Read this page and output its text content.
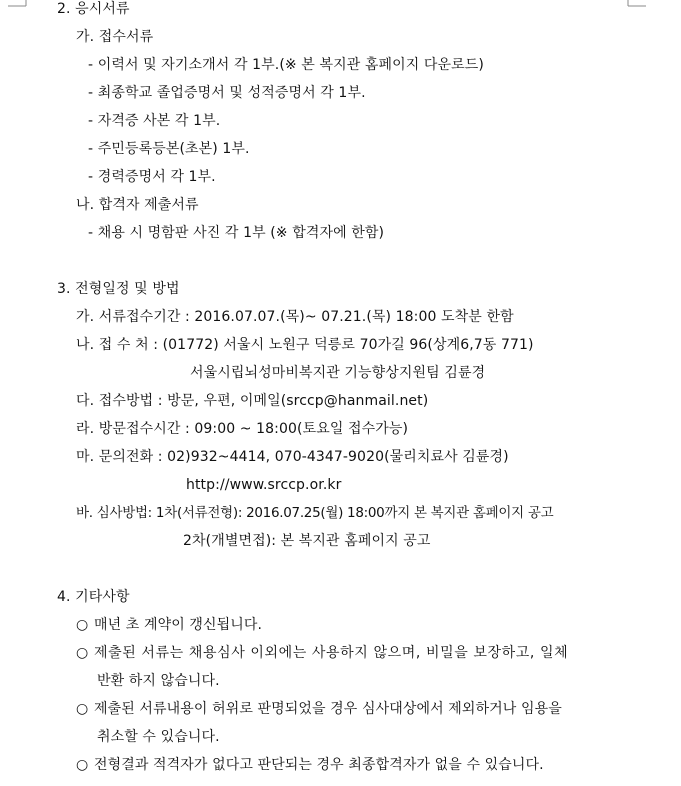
2. 응시서류
가. 접수서류
- 이력서 및 자기소개서 각 1부.(※ 본 복지관 홈페이지 다운로드)
- 최종학교 졸업증명서 및 성적증명서 각 1부.
- 자격증 사본 각 1부.
- 주민등록등본(초본) 1부.
- 경력증명서 각 1부.
나. 합격자 제출서류
- 채용 시 명함판 사진 각 1부 (※ 합격자에 한함)
3. 전형일정 및 방법
가. 서류접수기간 : 2016.07.07.(목)~ 07.21.(목) 18:00 도착분 한함
나. 접 수 처 : (01772) 서울시 노원구 덕릉로 70가길 96(상계6,7동 771)
서울시립뇌성마비복지관 기능향상지원팀 김륜경
다. 접수방법 : 방문, 우편, 이메일(srccp@hanmail.net)
라. 방문접수시간 : 09:00 ~ 18:00(토요일 접수가능)
마. 문의전화 : 02)932~4414, 070-4347-9020(물리치료사 김륜경)
http://www.srccp.or.kr
바. 심사방법: 1차(서류전형): 2016.07.25(월) 18:00까지 본 복지관 홈페이지 공고
2차(개별면접): 본 복지관 홈페이지 공고
4. 기타사항
○ 매년 초 계약이 갱신됩니다.
○ 제출된 서류는 채용심사 이외에는 사용하지 않으며, 비밀을 보장하고, 일체
반환 하지 않습니다.
○ 제출된 서류내용이 허위로 판명되었을 경우 심사대상에서 제외하거나 임용을
취소할 수 있습니다.
○ 전형결과 적격자가 없다고 판단되는 경우 최종합격자가 없을 수 있습니다.
